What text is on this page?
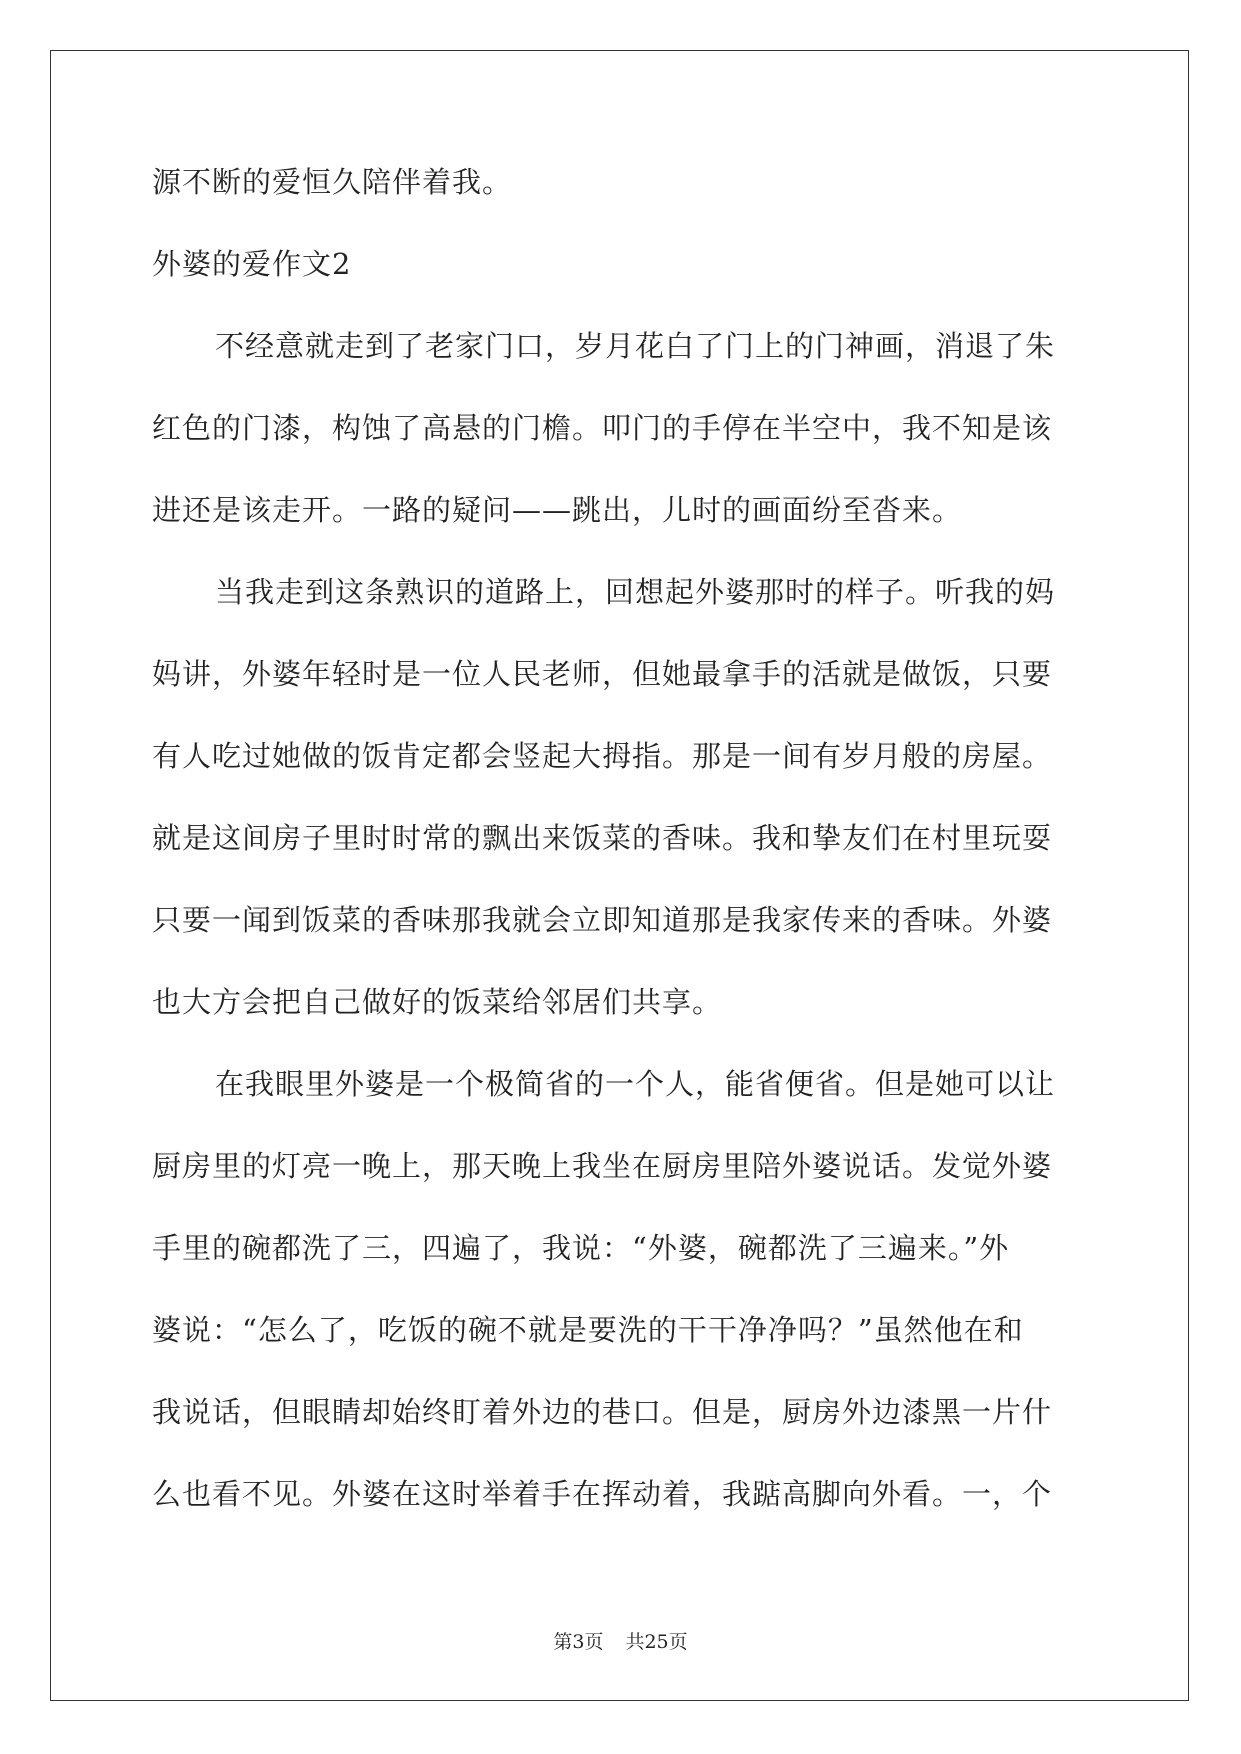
源不断的爱恒久陪伴着我。
外婆的爱作文2
不经意就走到了老家门口，岁月花白了门上的门神画，消退了朱
红色的门漆，构蚀了高悬的门檐。叩门的手停在半空中，我不知是该
进还是该走开。一路的疑问——跳出，儿时的画面纷至沓来。
当我走到这条熟识的道路上，回想起外婆那时的样子。听我的妈
妈讲，外婆年轻时是一位人民老师，但她最拿手的活就是做饭，只要
有人吃过她做的饭肯定都会竖起大拇指。那是一间有岁月般的房屋。
就是这间房子里时时常的飘出来饭菜的香味。我和挚友们在村里玩耍
只要一闻到饭菜的香味那我就会立即知道那是我家传来的香味。外婆
也大方会把自己做好的饭菜给邻居们共享。
在我眼里外婆是一个极简省的一个人，能省便省。但是她可以让
厨房里的灯亮一晚上，那天晚上我坐在厨房里陪外婆说话。发觉外婆
手里的碗都洗了三，四遍了，我说：“外婆，碗都洗了三遍来。”外
婆说：“怎么了，吃饭的碗不就是要洗的干干净净吗？”虽然他在和
我说话，但眼睛却始终盯着外边的巷口。但是，厨房外边漆黑一片什
么也看不见。外婆在这时举着手在挥动着，我踮高脚向外看。一，个
第3页 共25页
